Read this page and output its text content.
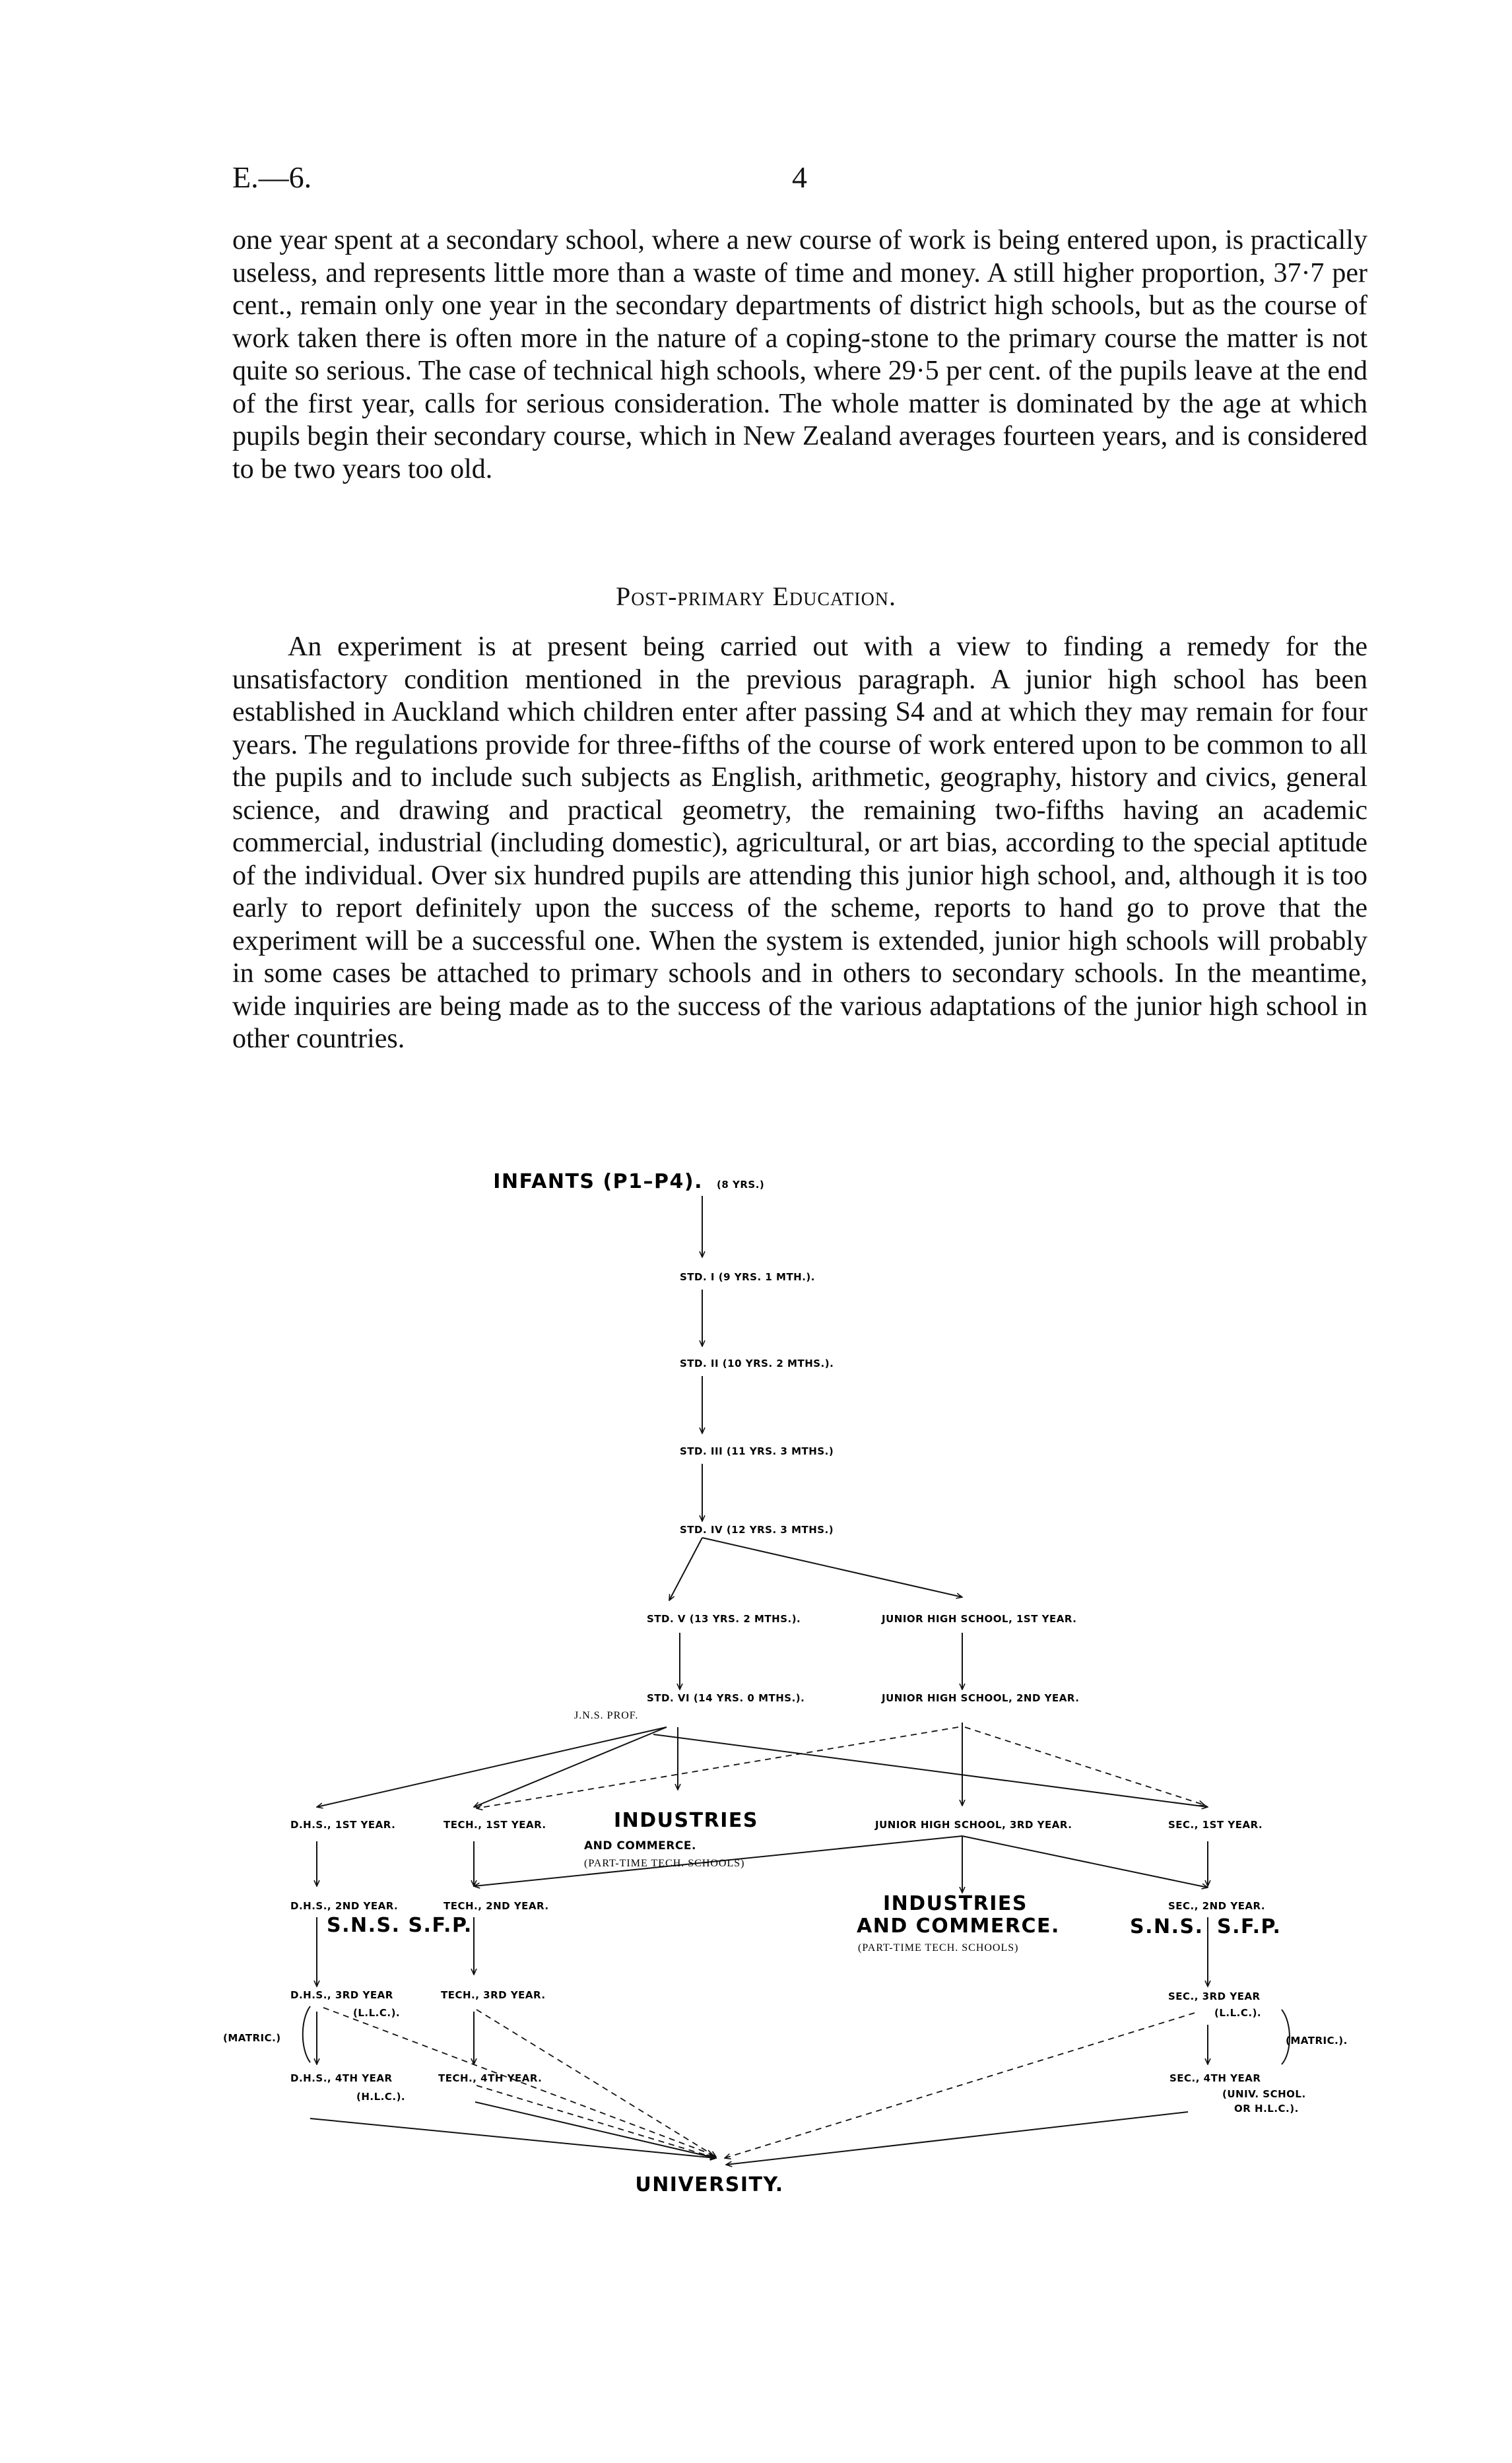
E.—6.	4

one year spent at a secondary school, where a new course of work is being entered upon, is practically useless, and represents little more than a waste of time and money. A still higher proportion, 37·7 per cent., remain only one year in the secondary departments of district high schools, but as the course of work taken there is often more in the nature of a coping-stone to the primary course the matter is not quite so serious. The case of technical high schools, where 29·5 per cent. of the pupils leave at the end of the first year, calls for serious consideration. The whole matter is dominated by the age at which pupils begin their secondary course, which in New Zealand averages fourteen years, and is considered to be two years too old.

Post-primary Education.

An experiment is at present being carried out with a view to finding a remedy for the unsatisfactory condition mentioned in the previous paragraph. A junior high school has been established in Auckland which children enter after passing S4 and at which they may remain for four years. The regulations provide for three-fifths of the course of work entered upon to be common to all the pupils and to include such subjects as English, arithmetic, geography, history and civics, general science, and drawing and practical geometry, the remaining two-fifths having an academic commercial, industrial (including domestic), agricultural, or art bias, according to the special aptitude of the individual. Over six hundred pupils are attending this junior high school, and, although it is too early to report definitely upon the success of the scheme, reports to hand go to prove that the experiment will be a successful one. When the system is extended, junior high schools will probably in some cases be attached to primary schools and in others to secondary schools. In the meantime, wide inquiries are being made as to the success of the various adaptations of the junior high school in other countries.

INFANTS (P1–P4). (8 YRS.)
STD. I (9 YRS. 1 MTH.).
STD. II (10 YRS. 2 MTHS.).
STD. III (11 YRS. 3 MTHS.)
STD. IV (12 YRS. 3 MTHS.)
STD. V (13 YRS. 2 MTHS.).	JUNIOR HIGH SCHOOL, 1ST YEAR.
STD. VI (14 YRS. 0 MTHS.).	JUNIOR HIGH SCHOOL, 2ND YEAR.
J.N.S. PROF.
D.H.S., 1ST YEAR.	TECH., 1ST YEAR.	INDUSTRIES
AND COMMERCE.
(PART-TIME TECH. SCHOOLS)
JUNIOR HIGH SCHOOL, 3RD YEAR.	SEC., 1ST YEAR.
D.H.S., 2ND YEAR.	TECH., 2ND YEAR.
S.N.S. S.F.P.
INDUSTRIES
AND COMMERCE.
(PART-TIME TECH. SCHOOLS)
SEC., 2ND YEAR.
S.N.S. S.F.P.
D.H.S., 3RD YEAR
(L.L.C.).
TECH., 3RD YEAR.	SEC., 3RD YEAR
(L.L.C.).
(MATRIC.)	(MATRIC.).
D.H.S., 4TH YEAR
(H.L.C.).
TECH., 4TH YEAR.	SEC., 4TH YEAR
(UNIV. SCHOL.
OR H.L.C.).
UNIVERSITY.
